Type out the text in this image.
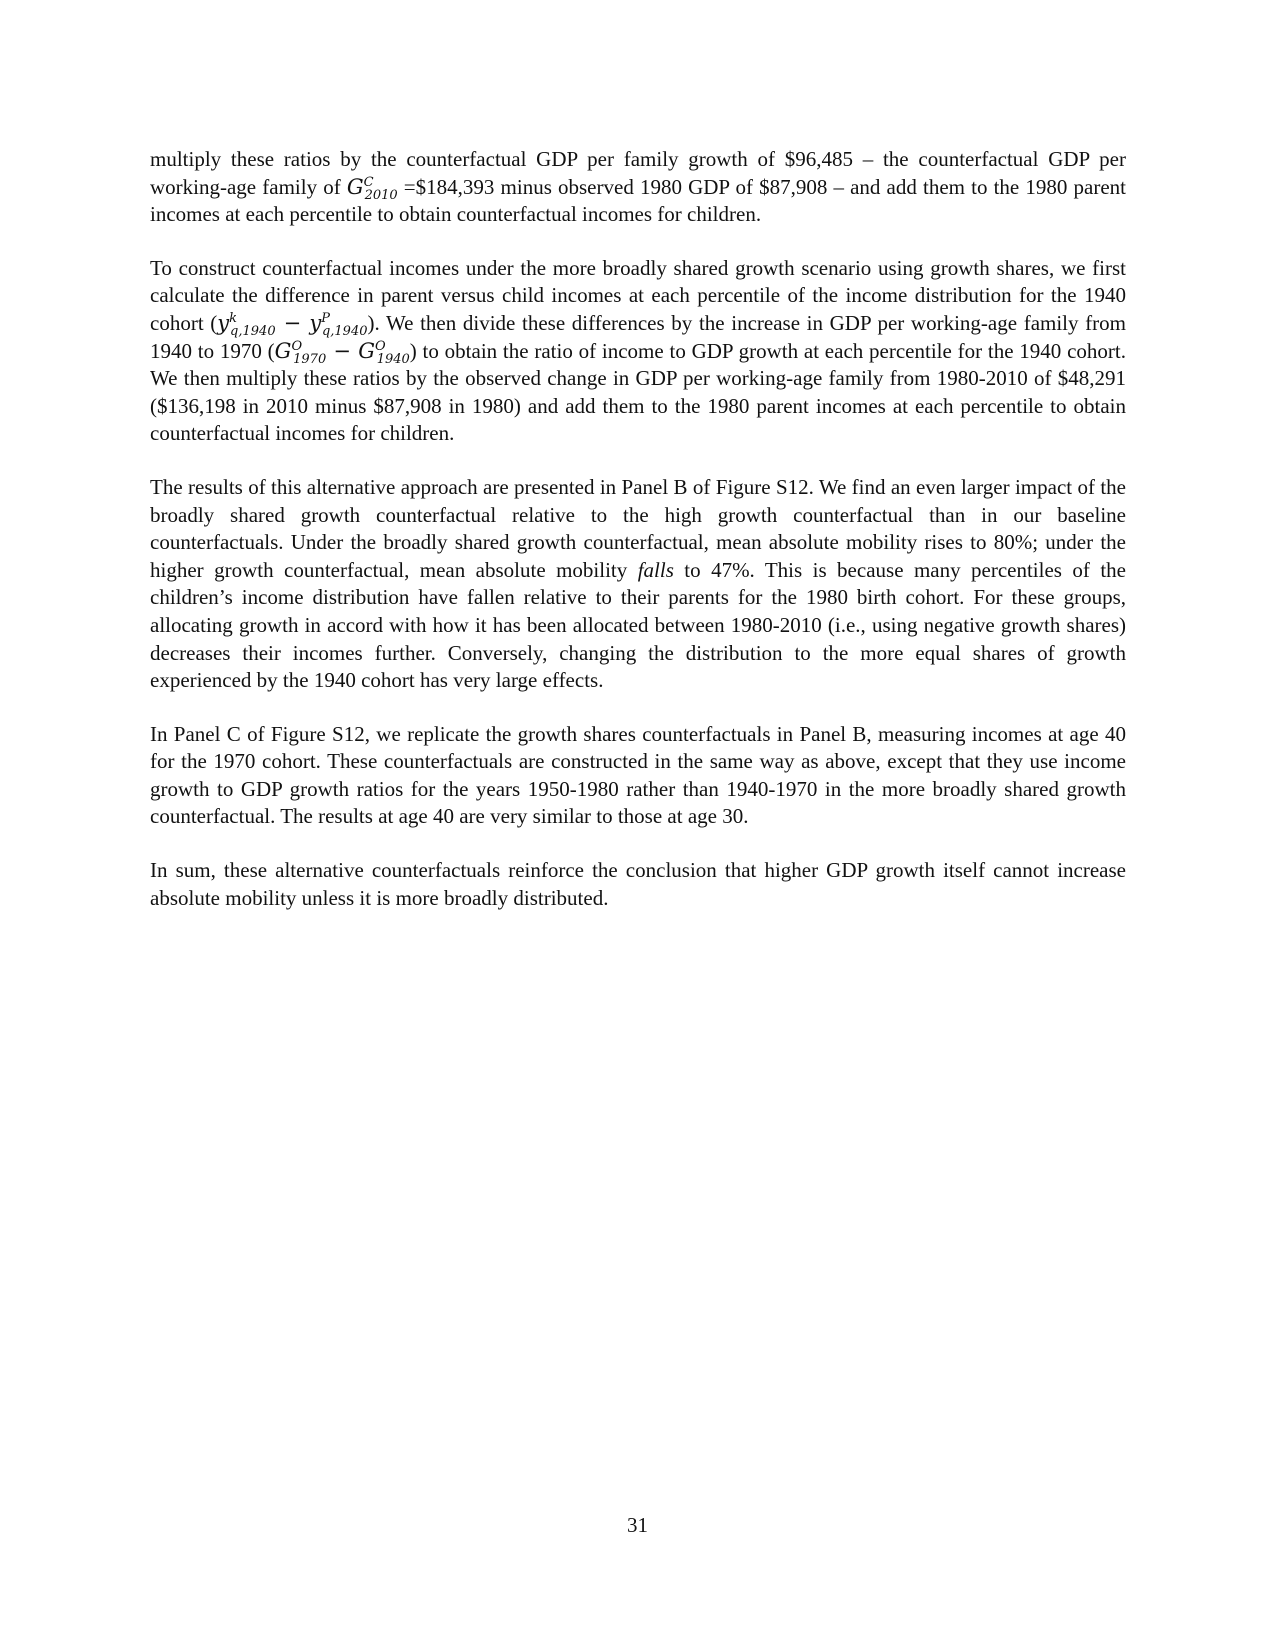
multiply these ratios by the counterfactual GDP per family growth of $96,485 – the counterfactual GDP per working-age family of $G^C_{2010}$ =$184,393 minus observed 1980 GDP of $87,908 – and add them to the 1980 parent incomes at each percentile to obtain counterfactual incomes for children.

To construct counterfactual incomes under the more broadly shared growth scenario using growth shares, we first calculate the difference in parent versus child incomes at each percentile of the income distribution for the 1940 cohort $(y^k_{q,1940} - y^P_{q,1940})$. We then divide these differences by the increase in GDP per working-age family from 1940 to 1970 $(G^O_{1970} - G^O_{1940})$ to obtain the ratio of income to GDP growth at each percentile for the 1940 cohort. We then multiply these ratios by the observed change in GDP per working-age family from 1980-2010 of $48,291 ($136,198 in 2010 minus $87,908 in 1980) and add them to the 1980 parent incomes at each percentile to obtain counterfactual incomes for children.

The results of this alternative approach are presented in Panel B of Figure S12. We find an even larger impact of the broadly shared growth counterfactual relative to the high growth counterfactual than in our baseline counterfactuals. Under the broadly shared growth counterfactual, mean absolute mobility rises to 80%; under the higher growth counterfactual, mean absolute mobility falls to 47%. This is because many percentiles of the children’s income distribution have fallen relative to their parents for the 1980 birth cohort. For these groups, allocating growth in accord with how it has been allocated between 1980-2010 (i.e., using negative growth shares) decreases their incomes further. Conversely, changing the distribution to the more equal shares of growth experienced by the 1940 cohort has very large effects.

In Panel C of Figure S12, we replicate the growth shares counterfactuals in Panel B, measuring incomes at age 40 for the 1970 cohort. These counterfactuals are constructed in the same way as above, except that they use income growth to GDP growth ratios for the years 1950-1980 rather than 1940-1970 in the more broadly shared growth counterfactual. The results at age 40 are very similar to those at age 30.

In sum, these alternative counterfactuals reinforce the conclusion that higher GDP growth itself cannot increase absolute mobility unless it is more broadly distributed.

31
